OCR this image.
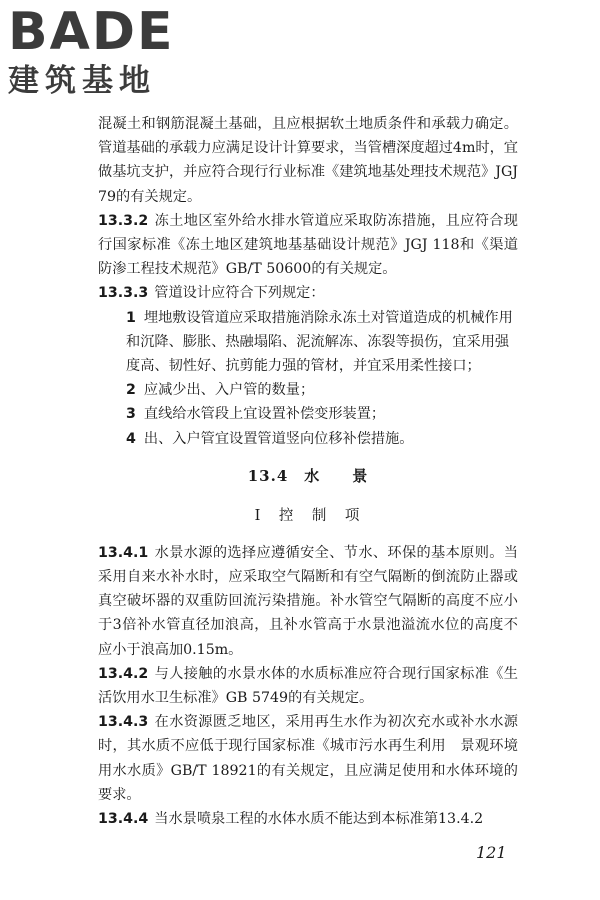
BADE
建筑基地

混凝土和钢筋混凝土基础，且应根据软土地质条件和承载力确定。管道基础的承载力应满足设计计算要求，当管槽深度超过4m时，宜做基坑支护，并应符合现行行业标准《建筑地基处理技术规范》JGJ 79的有关规定。

13.3.2 冻土地区室外给水排水管道应采取防冻措施，且应符合现行国家标准《冻土地区建筑地基基础设计规范》JGJ 118和《渠道防渗工程技术规范》GB/T 50600的有关规定。

13.3.3 管道设计应符合下列规定：

1 埋地敷设管道应采取措施消除永冻土对管道造成的机械作用和沉降、膨胀、热融塌陷、泥流解冻、冻裂等损伤，宜采用强度高、韧性好、抗剪能力强的管材，并宜采用柔性接口；

2 应减少出、入户管的数量；

3 直线给水管段上宜设置补偿变形装置；

4 出、入户管宜设置管道竖向位移补偿措施。

13.4　水　　景
Ⅰ　控　制　项

13.4.1 水景水源的选择应遵循安全、节水、环保的基本原则。当采用自来水补水时，应采取空气隔断和有空气隔断的倒流防止器或真空破坏器的双重防回流污染措施。补水管空气隔断的高度不应小于3倍补水管直径加浪高，且补水管高于水景池溢流水位的高度不应小于浪高加0.15m。

13.4.2 与人接触的水景水体的水质标准应符合现行国家标准《生活饮用水卫生标准》GB 5749的有关规定。

13.4.3 在水资源匮乏地区，采用再生水作为初次充水或补水水源时，其水质不应低于现行国家标准《城市污水再生利用　景观环境用水水质》GB/T 18921的有关规定，且应满足使用和水体环境的要求。

13.4.4 当水景喷泉工程的水体水质不能达到本标准第13.4.2

121
